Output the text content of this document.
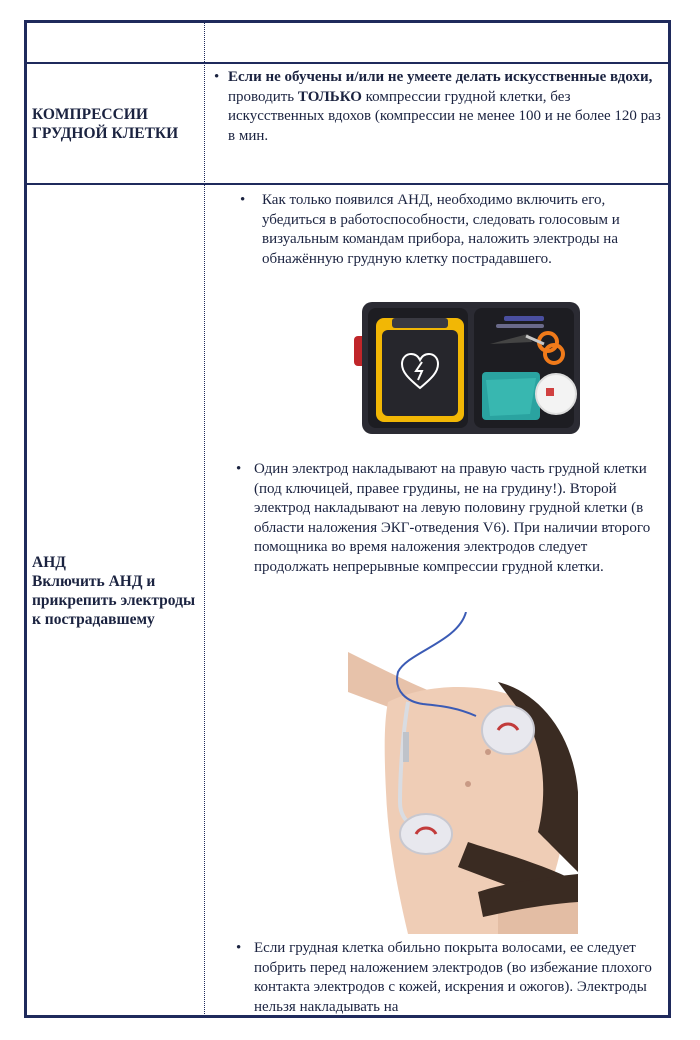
КОМПРЕССИИ ГРУДНОЙ КЛЕТКИ
• Если не обучены и/или не умеете делать искусственные вдохи, проводить ТОЛЬКО компрессии грудной клетки, без искусственных вдохов (компрессии не менее 100 и не более 120 раз в мин.
АНД
Включить АНД и прикрепить электроды к пострадавшему
• Как только появился АНД, необходимо включить его, убедиться в работоспособности, следовать голосовым и визуальным командам прибора, наложить электроды на обнажённую грудную клетку пострадавшего.
• Один электрод накладывают на правую часть грудной клетки (под ключицей, правее грудины, не на грудину!). Второй электрод накладывают на левую половину грудной клетки (в области наложения ЭКГ-отведения V6). При наличии второго помощника во время наложения электродов следует продолжать непрерывные компрессии грудной клетки.
• Если грудная клетка обильно покрыта волосами, ее следует побрить перед наложением электродов (во избежание плохого контакта электродов с кожей, искрения и ожогов). Электроды нельзя накладывать на
